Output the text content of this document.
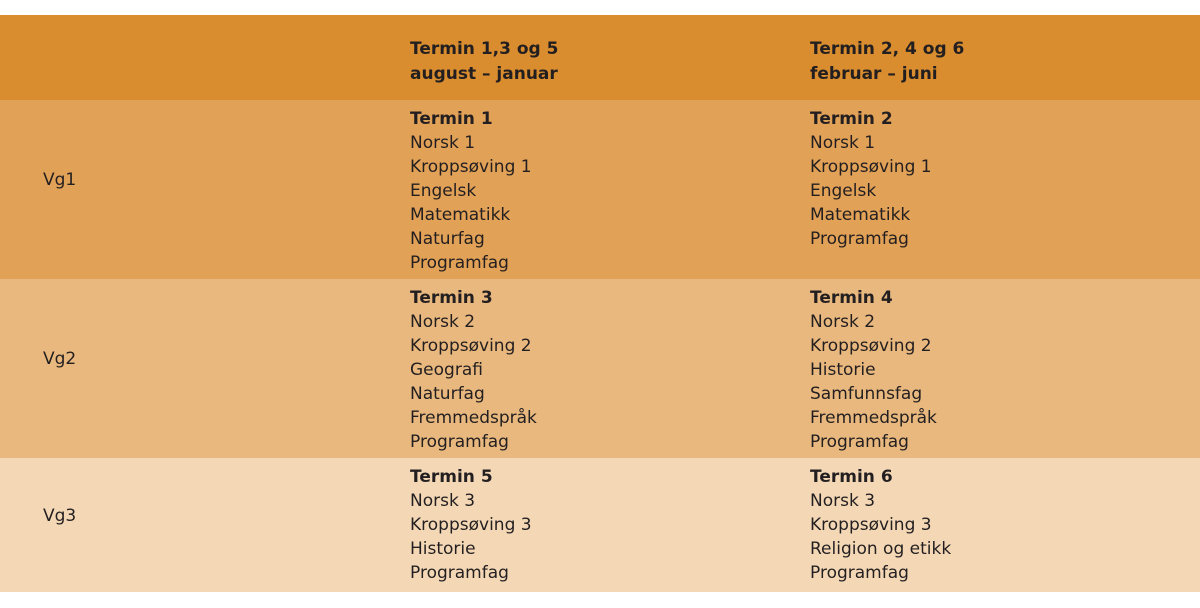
Termin 1,3 og 5
august – januar
Termin 2, 4 og 6
februar – juni
Vg1
Termin 1
Norsk 1
Kroppsøving 1
Engelsk
Matematikk
Naturfag
Programfag
Termin 2
Norsk 1
Kroppsøving 1
Engelsk
Matematikk
Programfag
Vg2
Termin 3
Norsk 2
Kroppsøving 2
Geografi
Naturfag
Fremmedspråk
Programfag
Termin 4
Norsk 2
Kroppsøving 2
Historie
Samfunnsfag
Fremmedspråk
Programfag
Vg3
Termin 5
Norsk 3
Kroppsøving 3
Historie
Programfag
Termin 6
Norsk 3
Kroppsøving 3
Religion og etikk
Programfag
